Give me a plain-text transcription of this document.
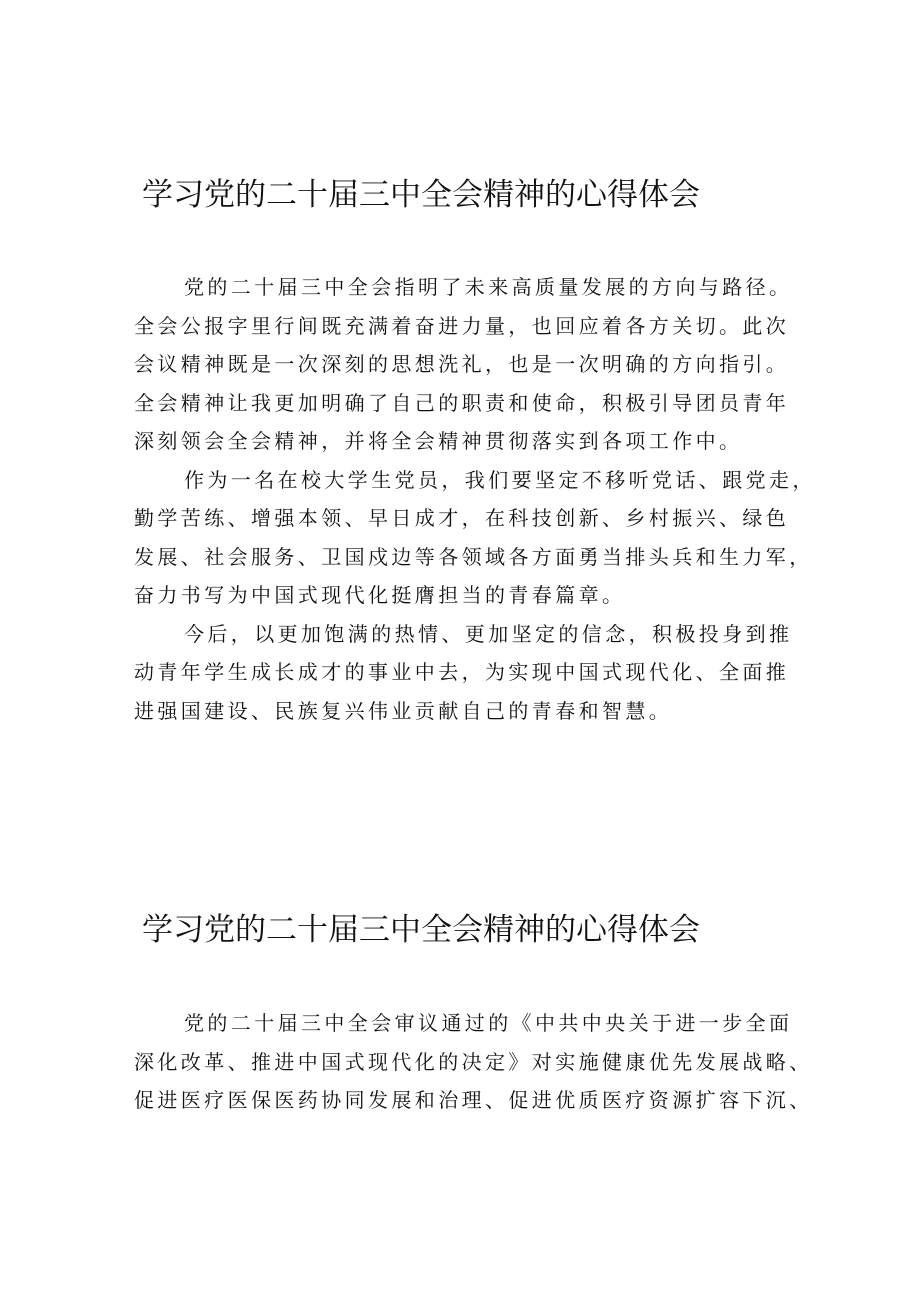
学习党的二十届三中全会精神的心得体会

党的二十届三中全会指明了未来高质量发展的方向与路径。
全会公报字里行间既充满着奋进力量，也回应着各方关切。此次
会议精神既是一次深刻的思想洗礼，也是一次明确的方向指引。
全会精神让我更加明确了自己的职责和使命，积极引导团员青年
深刻领会全会精神，并将全会精神贯彻落实到各项工作中。

作为一名在校大学生党员，我们要坚定不移听党话、跟党走，
勤学苦练、增强本领、早日成才，在科技创新、乡村振兴、绿色
发展、社会服务、卫国戍边等各领域各方面勇当排头兵和生力军，
奋力书写为中国式现代化挺膺担当的青春篇章。

今后，以更加饱满的热情、更加坚定的信念，积极投身到推
动青年学生成长成才的事业中去，为实现中国式现代化、全面推
进强国建设、民族复兴伟业贡献自己的青春和智慧。

学习党的二十届三中全会精神的心得体会

党的二十届三中全会审议通过的《中共中央关于进一步全面
深化改革、推进中国式现代化的决定》对实施健康优先发展战略、
促进医疗医保医药协同发展和治理、促进优质医疗资源扩容下沉、
